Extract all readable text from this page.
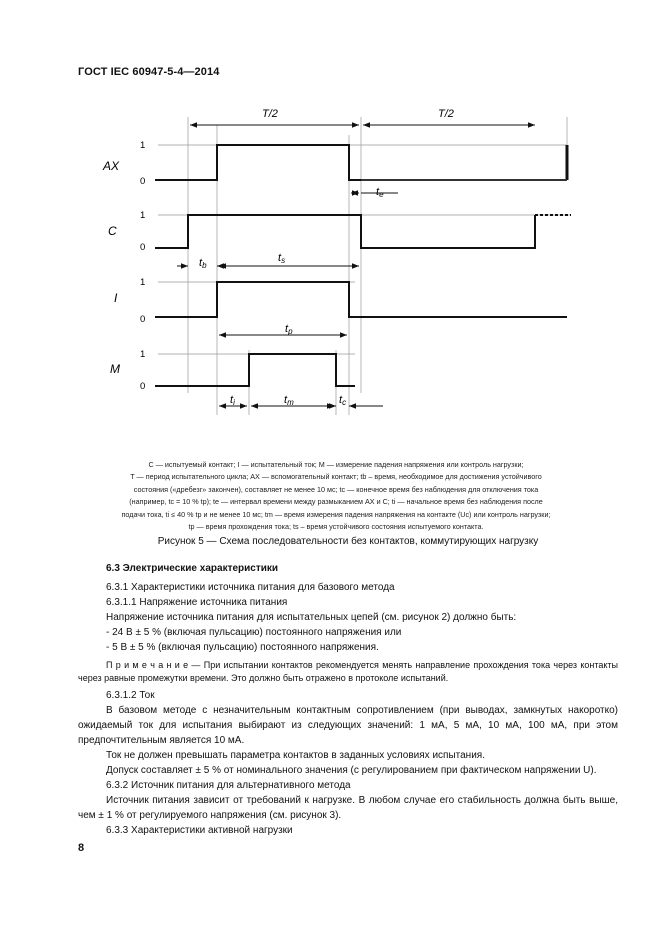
ГОСТ IEC 60947-5-4—2014
T/2	T/2
AX
C
I
M
1
0
1
0
1
0
1
0
te
tb
ts
tp
ti	tm	tc
С — испытуемый контакт; I — испытательный ток; М — измерение падения напряжения или контроль нагрузки;
T — период испытательного цикла; AX — вспомогательный контакт; tb – время, необходимое для достижения устойчивого
состояния («дребезг» закончен), составляет не менее 10 мс; tc — конечное время без наблюдения для отключения тока
(например, tc = 10 % tp); te — интервал времени между размыканием AX и С; ti — начальное время без наблюдения после
подачи тока, ti ≤ 40 % tp и не менее 10 мс; tm — время измерения падения напряжения на контакте (Uc) или контроль нагрузки;
tp — время прохождения тока; ts – время устойчивого состояния испытуемого контакта.
Рисунок 5 — Схема последовательности без контактов, коммутирующих нагрузку
6.3 Электрические характеристики

6.3.1 Характеристики источника питания для базового метода

6.3.1.1 Напряжение источника питания

Напряжение источника питания для испытательных цепей (см. рисунок 2) должно быть:

- 24 В ± 5 % (включая пульсацию) постоянного напряжения или

- 5 В ± 5 % (включая пульсацию) постоянного напряжения.

П р и м е ч а н и е — При испытании контактов рекомендуется менять направление прохождения тока через контакты через равные промежутки времени. Это должно быть отражено в протоколе испытаний.

6.3.1.2 Ток

В базовом методе с незначительным контактным сопротивлением (при выводах, замкнутых накоротко) ожидаемый ток для испытания выбирают из следующих значений: 1 мА, 5 мА, 10 мА, 100 мА, при этом предпочтительным является 10 мА.

Ток не должен превышать параметра контактов в заданных условиях испытания.

Допуск составляет ± 5 % от номинального значения (с регулированием при фактическом напряжении U).

6.3.2 Источник питания для альтернативного метода

Источник питания зависит от требований к нагрузке. В любом случае его стабильность должна быть выше, чем ± 1 % от регулируемого напряжения (см. рисунок 3).

6.3.3 Характеристики активной нагрузки

8
